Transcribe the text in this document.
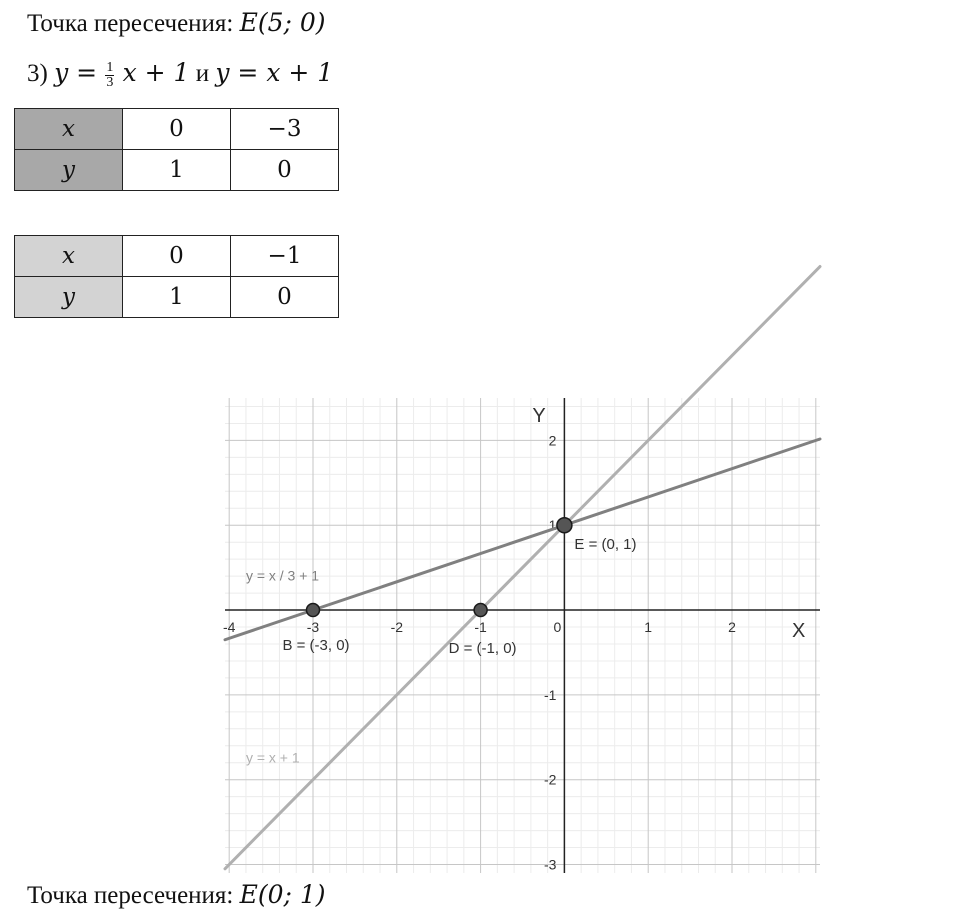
Точка пересечения: E(5; 0)
3) $y = \frac{1}{3}$ x + 1 и y = x + 1
x	0	−3
y	1	0
x	0	−1
y	1	0
X
Y
-4	-3	-2	-1	0	1	2
-3
-2
-1
1
2
y = x / 3 + 1
y = x + 1
B = (-3, 0)	D = (-1, 0)
E = (0, 1)
Точка пересечения: E(0; 1)
